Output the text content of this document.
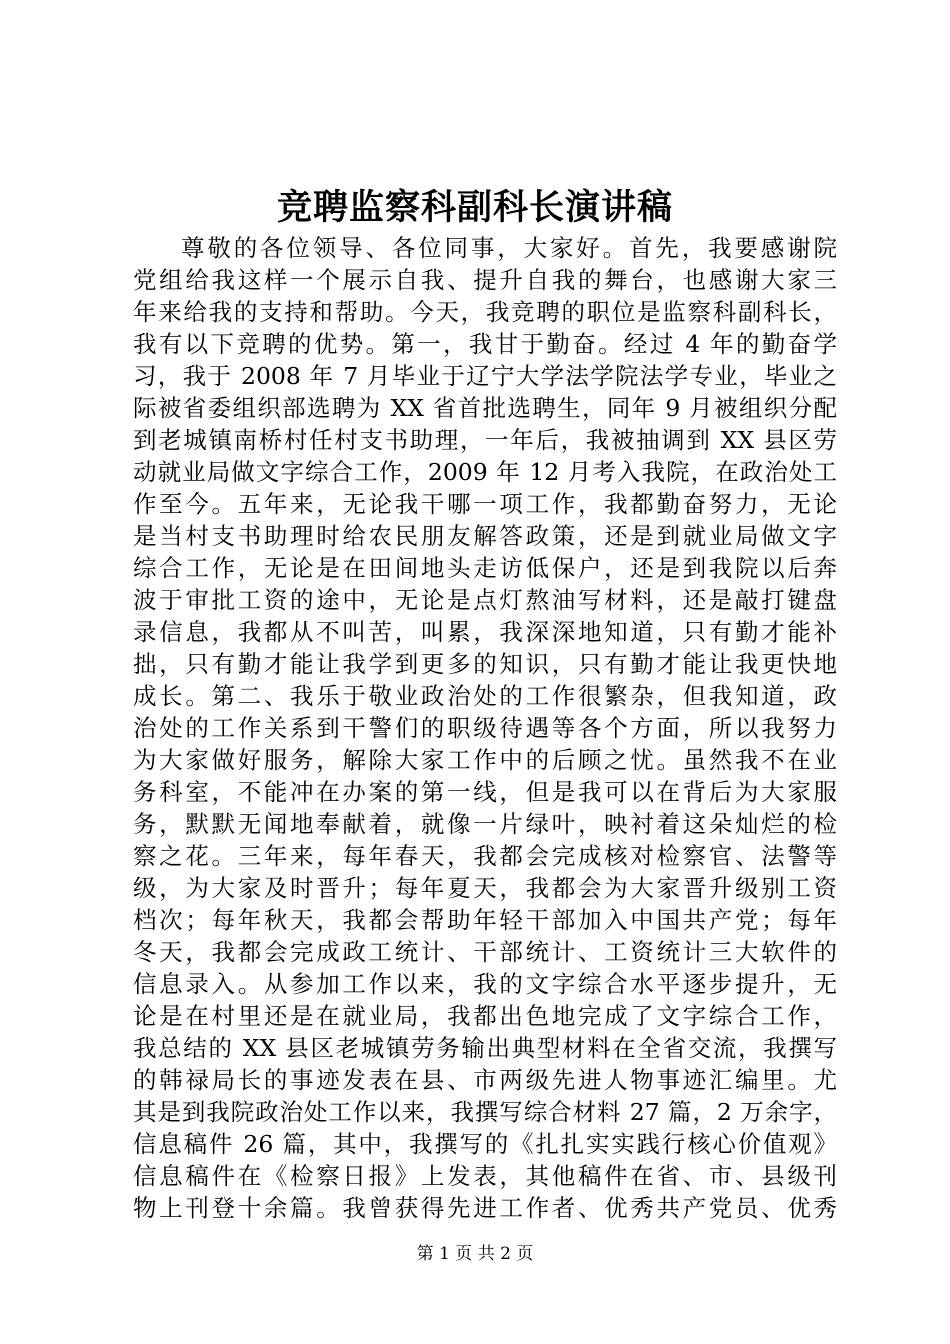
竞聘监察科副科长演讲稿
尊敬的各位领导、各位同事，大家好。首先，我要感谢院
党组给我这样一个展示自我、提升自我的舞台，也感谢大家三
年来给我的支持和帮助。今天，我竞聘的职位是监察科副科长，
我有以下竞聘的优势。第一，我甘于勤奋。经过 4 年的勤奋学
习，我于 2008 年 7 月毕业于辽宁大学法学院法学专业，毕业之
际被省委组织部选聘为 XX 省首批选聘生，同年 9 月被组织分配
到老城镇南桥村任村支书助理，一年后，我被抽调到 XX 县区劳
动就业局做文字综合工作，2009 年 12 月考入我院，在政治处工
作至今。五年来，无论我干哪一项工作，我都勤奋努力，无论
是当村支书助理时给农民朋友解答政策，还是到就业局做文字
综合工作，无论是在田间地头走访低保户，还是到我院以后奔
波于审批工资的途中，无论是点灯熬油写材料，还是敲打键盘
录信息，我都从不叫苦，叫累，我深深地知道，只有勤才能补
拙，只有勤才能让我学到更多的知识，只有勤才能让我更快地
成长。第二、我乐于敬业政治处的工作很繁杂，但我知道，政
治处的工作关系到干警们的职级待遇等各个方面，所以我努力
为大家做好服务，解除大家工作中的后顾之忧。虽然我不在业
务科室，不能冲在办案的第一线，但是我可以在背后为大家服
务，默默无闻地奉献着，就像一片绿叶，映衬着这朵灿烂的检
察之花。三年来，每年春天，我都会完成核对检察官、法警等
级，为大家及时晋升；每年夏天，我都会为大家晋升级别工资
档次；每年秋天，我都会帮助年轻干部加入中国共产党；每年
冬天，我都会完成政工统计、干部统计、工资统计三大软件的
信息录入。从参加工作以来，我的文字综合水平逐步提升，无
论是在村里还是在就业局，我都出色地完成了文字综合工作，
我总结的 XX 县区老城镇劳务输出典型材料在全省交流，我撰写
的韩禄局长的事迹发表在县、市两级先进人物事迹汇编里。尤
其是到我院政治处工作以来，我撰写综合材料 27 篇，2 万余字，
信息稿件 26 篇，其中，我撰写的《扎扎实实践行核心价值观》
信息稿件在《检察日报》上发表，其他稿件在省、市、县级刊
物上刊登十余篇。我曾获得先进工作者、优秀共产党员、优秀
第 1 页 共 2 页
